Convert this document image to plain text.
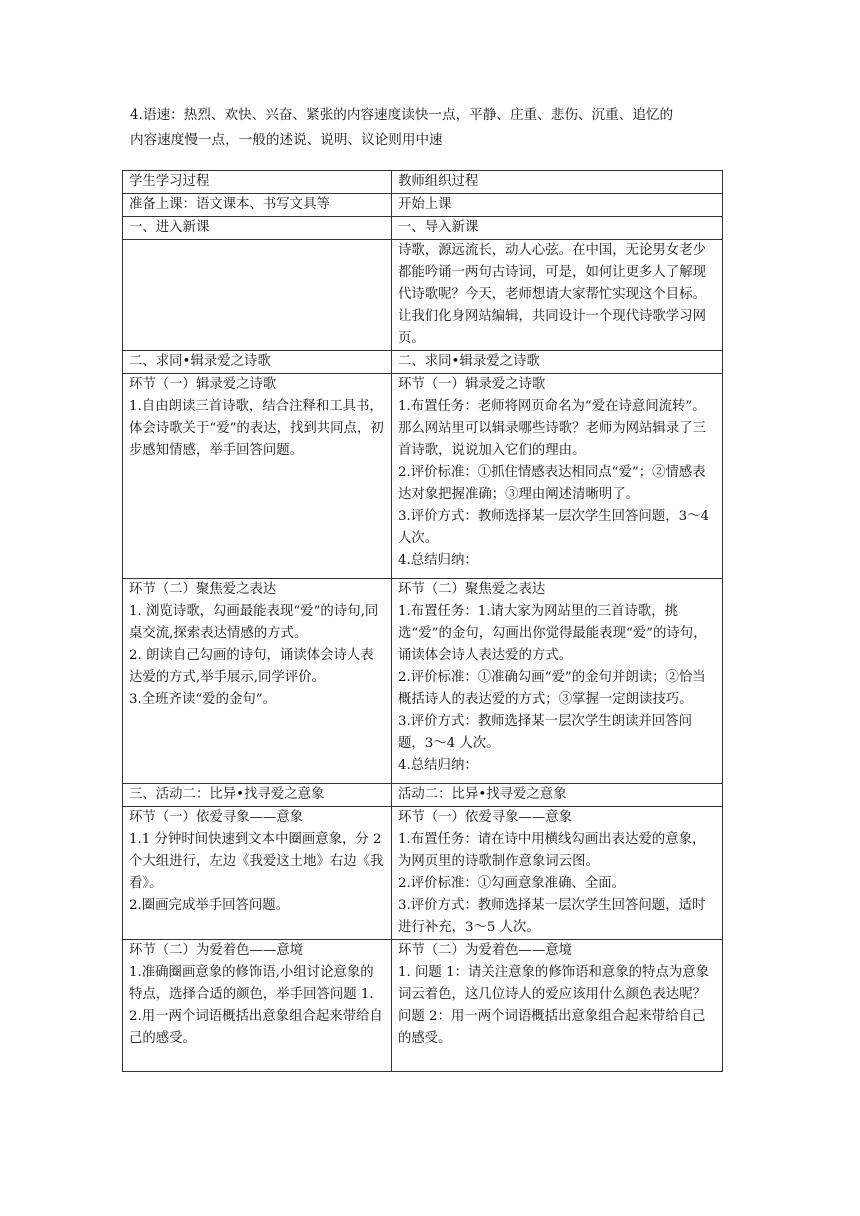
4.语速：热烈、欢快、兴奋、紧张的内容速度读快一点，平静、庄重、悲伤、沉重、追忆的

内容速度慢一点，一般的述说、说明、议论则用中速

学生学习过程	教师组织过程

准备上课：语文课本、书写文具等	开始上课

一、进入新课	一、导入新课

	诗歌，源远流长，动人心弦。在中国，无论男女老少都能吟诵一两句古诗词，可是，如何让更多人了解现代诗歌呢？今天，老师想请大家帮忙实现这个目标。让我们化身网站编辑，共同设计一个现代诗歌学习网页。

二、求同•辑录爱之诗歌	二、求同•辑录爱之诗歌

环节（一）辑录爱之诗歌
1.自由朗读三首诗歌，结合注释和工具书，体会诗歌关于“爱”的表达，找到共同点，初步感知情感，举手回答问题。	环节（一）辑录爱之诗歌
1.布置任务：老师将网页命名为“爱在诗意间流转”。那么网站里可以辑录哪些诗歌？老师为网站辑录了三首诗歌，说说加入它们的理由。
2.评价标准：①抓住情感表达相同点“爱”；②情感表达对象把握准确；③理由阐述清晰明了。
3.评价方式：教师选择某一层次学生回答问题，3～4 人次。
4.总结归纳：

环节（二）聚焦爱之表达
1. 浏览诗歌，勾画最能表现“爱”的诗句,同桌交流,探索表达情感的方式。
2. 朗读自己勾画的诗句，诵读体会诗人表达爱的方式,举手展示,同学评价。
3.全班齐读“爱的金句”。	环节（二）聚焦爱之表达
1.布置任务：1.请大家为网站里的三首诗歌，挑选“爱”的金句，勾画出你觉得最能表现“爱”的诗句，诵读体会诗人表达爱的方式。
2.评价标准：①准确勾画“爱”的金句并朗读；②恰当概括诗人的表达爱的方式；③掌握一定朗读技巧。
3.评价方式：教师选择某一层次学生朗读并回答问题，3～4 人次。
4.总结归纳：

三、活动二：比异•找寻爱之意象	活动二：比异•找寻爱之意象

环节（一）依爱寻象——意象
1.1 分钟时间快速到文本中圈画意象，分 2 个大组进行，左边《我爱这土地》右边《我看》。
2.圈画完成举手回答问题。	环节（一）依爱寻象——意象
1.布置任务：请在诗中用横线勾画出表达爱的意象，为网页里的诗歌制作意象词云图。
2.评价标准：①勾画意象准确、全面。
3.评价方式：教师选择某一层次学生回答问题，适时进行补充，3～5 人次。

环节（二）为爱着色——意境
1.准确圈画意象的修饰语,小组讨论意象的特点，选择合适的颜色，举手回答问题 1.
2.用一两个词语概括出意象组合起来带给自己的感受。	环节（二）为爱着色——意境
1. 问题 1：请关注意象的修饰语和意象的特点为意象词云着色，这几位诗人的爱应该用什么颜色表达呢？
问题 2：用一两个词语概括出意象组合起来带给自己的感受。
